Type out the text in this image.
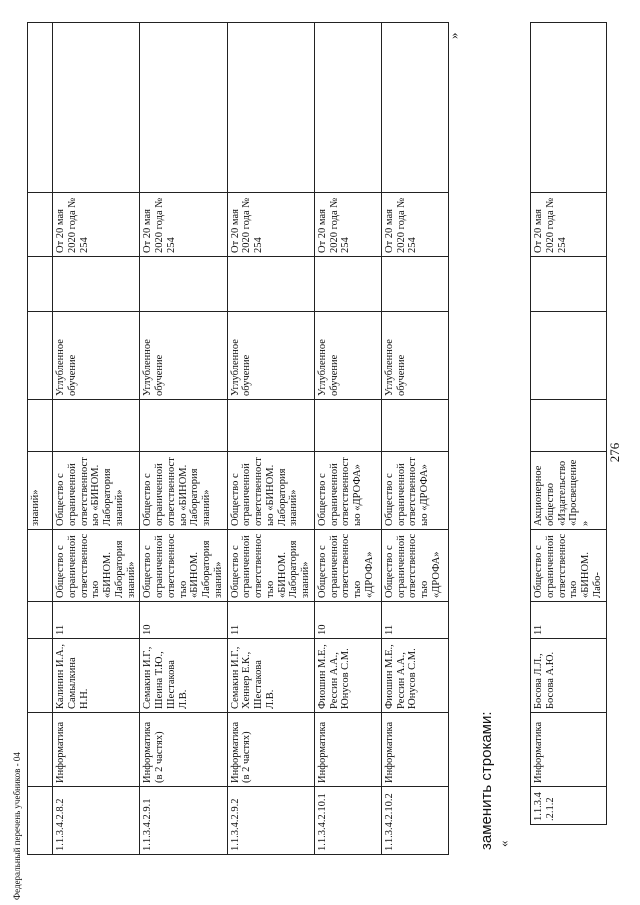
276
Федеральный перечень учебников - 04
					знаний»					
1.1.3.4.2.8.2	Информатика	Калинин И.А., Самылкина Н.Н.	11	Общество с ограниченной ответственностью «БИНОМ. Лаборатория знаний»	Общество с ограниченной ответственностью «БИНОМ. Лаборатория знаний»		Углубленное обучение		От 20 мая 2020 года № 254	
1.1.3.4.2.9.1	Информатика (в 2 частях)	Семакин И.Г., Шеина Т.Ю., Шестакова Л.В.	10	Общество с ограниченной ответственностью «БИНОМ. Лаборатория знаний»	Общество с ограниченной ответственностью «БИНОМ. Лаборатория знаний»		Углубленное обучение		От 20 мая 2020 года № 254	
1.1.3.4.2.9.2	Информатика (в 2 частях)	Семакин И.Г., Хеннер Е.К., Шестакова Л.В.	11	Общество с ограниченной ответственностью «БИНОМ. Лаборатория знаний»	Общество с ограниченной ответственностью «БИНОМ. Лаборатория знаний»		Углубленное обучение		От 20 мая 2020 года № 254	
1.1.3.4.2.10.1	Информатика	Фиошин М.Е., Рессин А.А., Юнусов С.М.	10	Общество с ограниченной ответственностью «ДРОФА»	Общество с ограниченной ответственностью «ДРОФА»		Углубленное обучение		От 20 мая 2020 года № 254	
1.1.3.4.2.10.2	Информатика	Фиошин М.Е., Рессин А.А., Юнусов С.М.	11	Общество с ограниченной ответственностью «ДРОФА»	Общество с ограниченной ответственностью «ДРОФА»		Углубленное обучение		От 20 мая 2020 года № 254	
»
заменить строками: «
1.1.3.4.2.1.2	Информатика	Босова Л.Л., Босова А.Ю.	11	Общество с ограниченной ответственностью «БИНОМ. Лабо-	Акционерное общество «Издательство «Просвещение»				От 20 мая 2020 года № 254	
